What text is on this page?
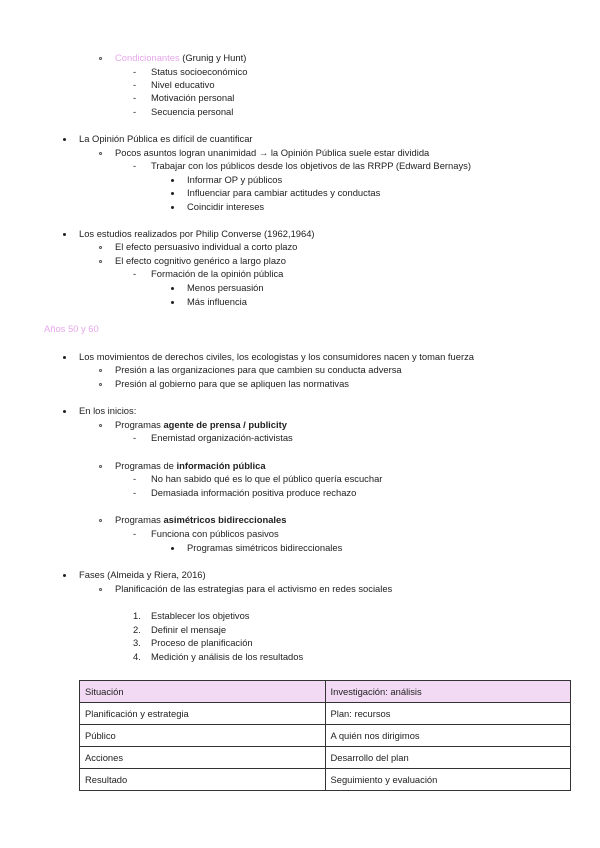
Condicionantes (Grunig y Hunt)
- Status socioeconómico
- Nivel educativo
- Motivación personal
- Secuencia personal
La Opinión Pública es difícil de cuantificar
Pocos asuntos logran unanimidad → la Opinión Pública suele estar dividida
- Trabajar con los públicos desde los objetivos de las RRPP (Edward Bernays)
Informar OP y públicos
Influenciar para cambiar actitudes y conductas
Coincidir intereses
Los estudios realizados por Philip Converse (1962,1964)
El efecto persuasivo individual a corto plazo
El efecto cognitivo genérico a largo plazo
- Formación de la opinión pública
Menos persuasión
Más influencia
Años 50 y 60
Los movimientos de derechos civiles, los ecologistas y los consumidores nacen y toman fuerza
Presión a las organizaciones para que cambien su conducta adversa
Presión al gobierno para que se apliquen las normativas
En los inicios:
Programas agente de prensa / publicity
- Enemistad organización-activistas
Programas de información pública
- No han sabido qué es lo que el público quería escuchar
- Demasiada información positiva produce rechazo
Programas asimétricos bidireccionales
- Funciona con públicos pasivos
Programas simétricos bidireccionales
Fases (Almeida y Riera, 2016)
Planificación de las estrategias para el activismo en redes sociales
1. Establecer los objetivos
2. Definir el mensaje
3. Proceso de planificación
4. Medición y análisis de los resultados
Situación	Investigación: análisis
Planificación y estrategia	Plan: recursos
Público	A quién nos dirigimos
Acciones	Desarrollo del plan
Resultado	Seguimiento y evaluación
